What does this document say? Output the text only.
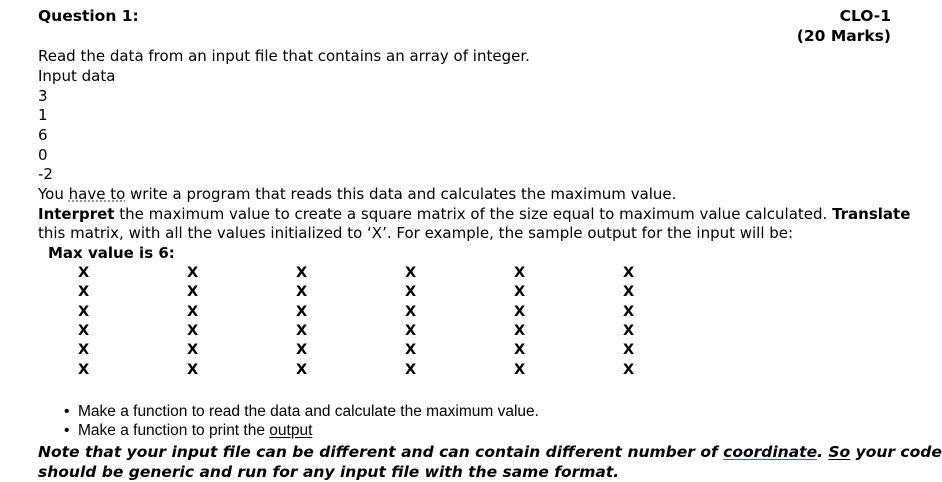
Question 1:	CLO-1
(20 Marks)
Read the data from an input file that contains an array of integer.
Input data
3
1
6
0
-2
You have to write a program that reads this data and calculates the maximum value.
Interpret the maximum value to create a square matrix of the size equal to maximum value calculated. Translate
this matrix, with all the values initialized to ‘X’. For example, the sample output for the input will be:
Max value is 6:
X	X	X	X	X	X
X	X	X	X	X	X
X	X	X	X	X	X
X	X	X	X	X	X
X	X	X	X	X	X
X	X	X	X	X	X
• Make a function to read the data and calculate the maximum value.
• Make a function to print the output
Note that your input file can be different and can contain different number of coordinate. So your code
should be generic and run for any input file with the same format.
